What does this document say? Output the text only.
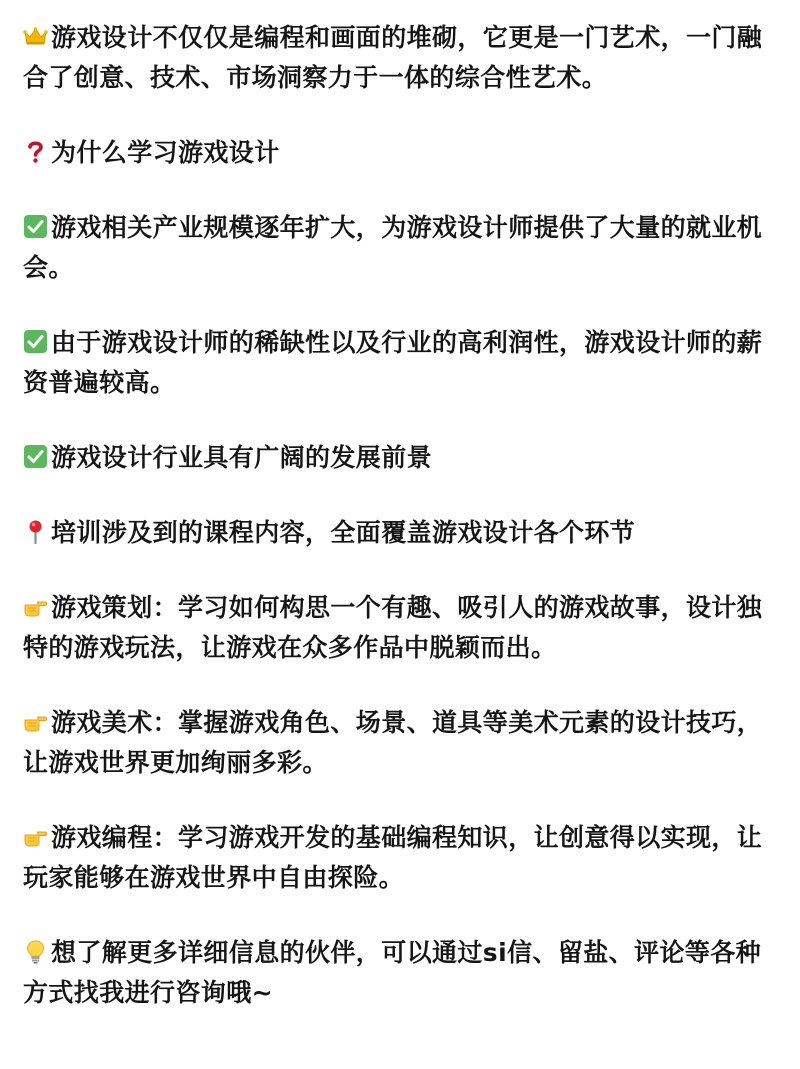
游戏设计不仅仅是编程和画面的堆砌，它更是一门艺术，一门融合了创意、技术、市场洞察力于一体的综合性艺术。

为什么学习游戏设计

游戏相关产业规模逐年扩大，为游戏设计师提供了大量的就业机会。

由于游戏设计师的稀缺性以及行业的高利润性，游戏设计师的薪资普遍较高。

游戏设计行业具有广阔的发展前景

培训涉及到的课程内容，全面覆盖游戏设计各个环节

游戏策划：学习如何构思一个有趣、吸引人的游戏故事，设计独特的游戏玩法，让游戏在众多作品中脱颖而出。

游戏美术：掌握游戏角色、场景、道具等美术元素的设计技巧，让游戏世界更加绚丽多彩。

游戏编程：学习游戏开发的基础编程知识，让创意得以实现，让玩家能够在游戏世界中自由探险。

想了解更多详细信息的伙伴，可以通过si信、留盐、评论等各种方式找我进行咨询哦~
